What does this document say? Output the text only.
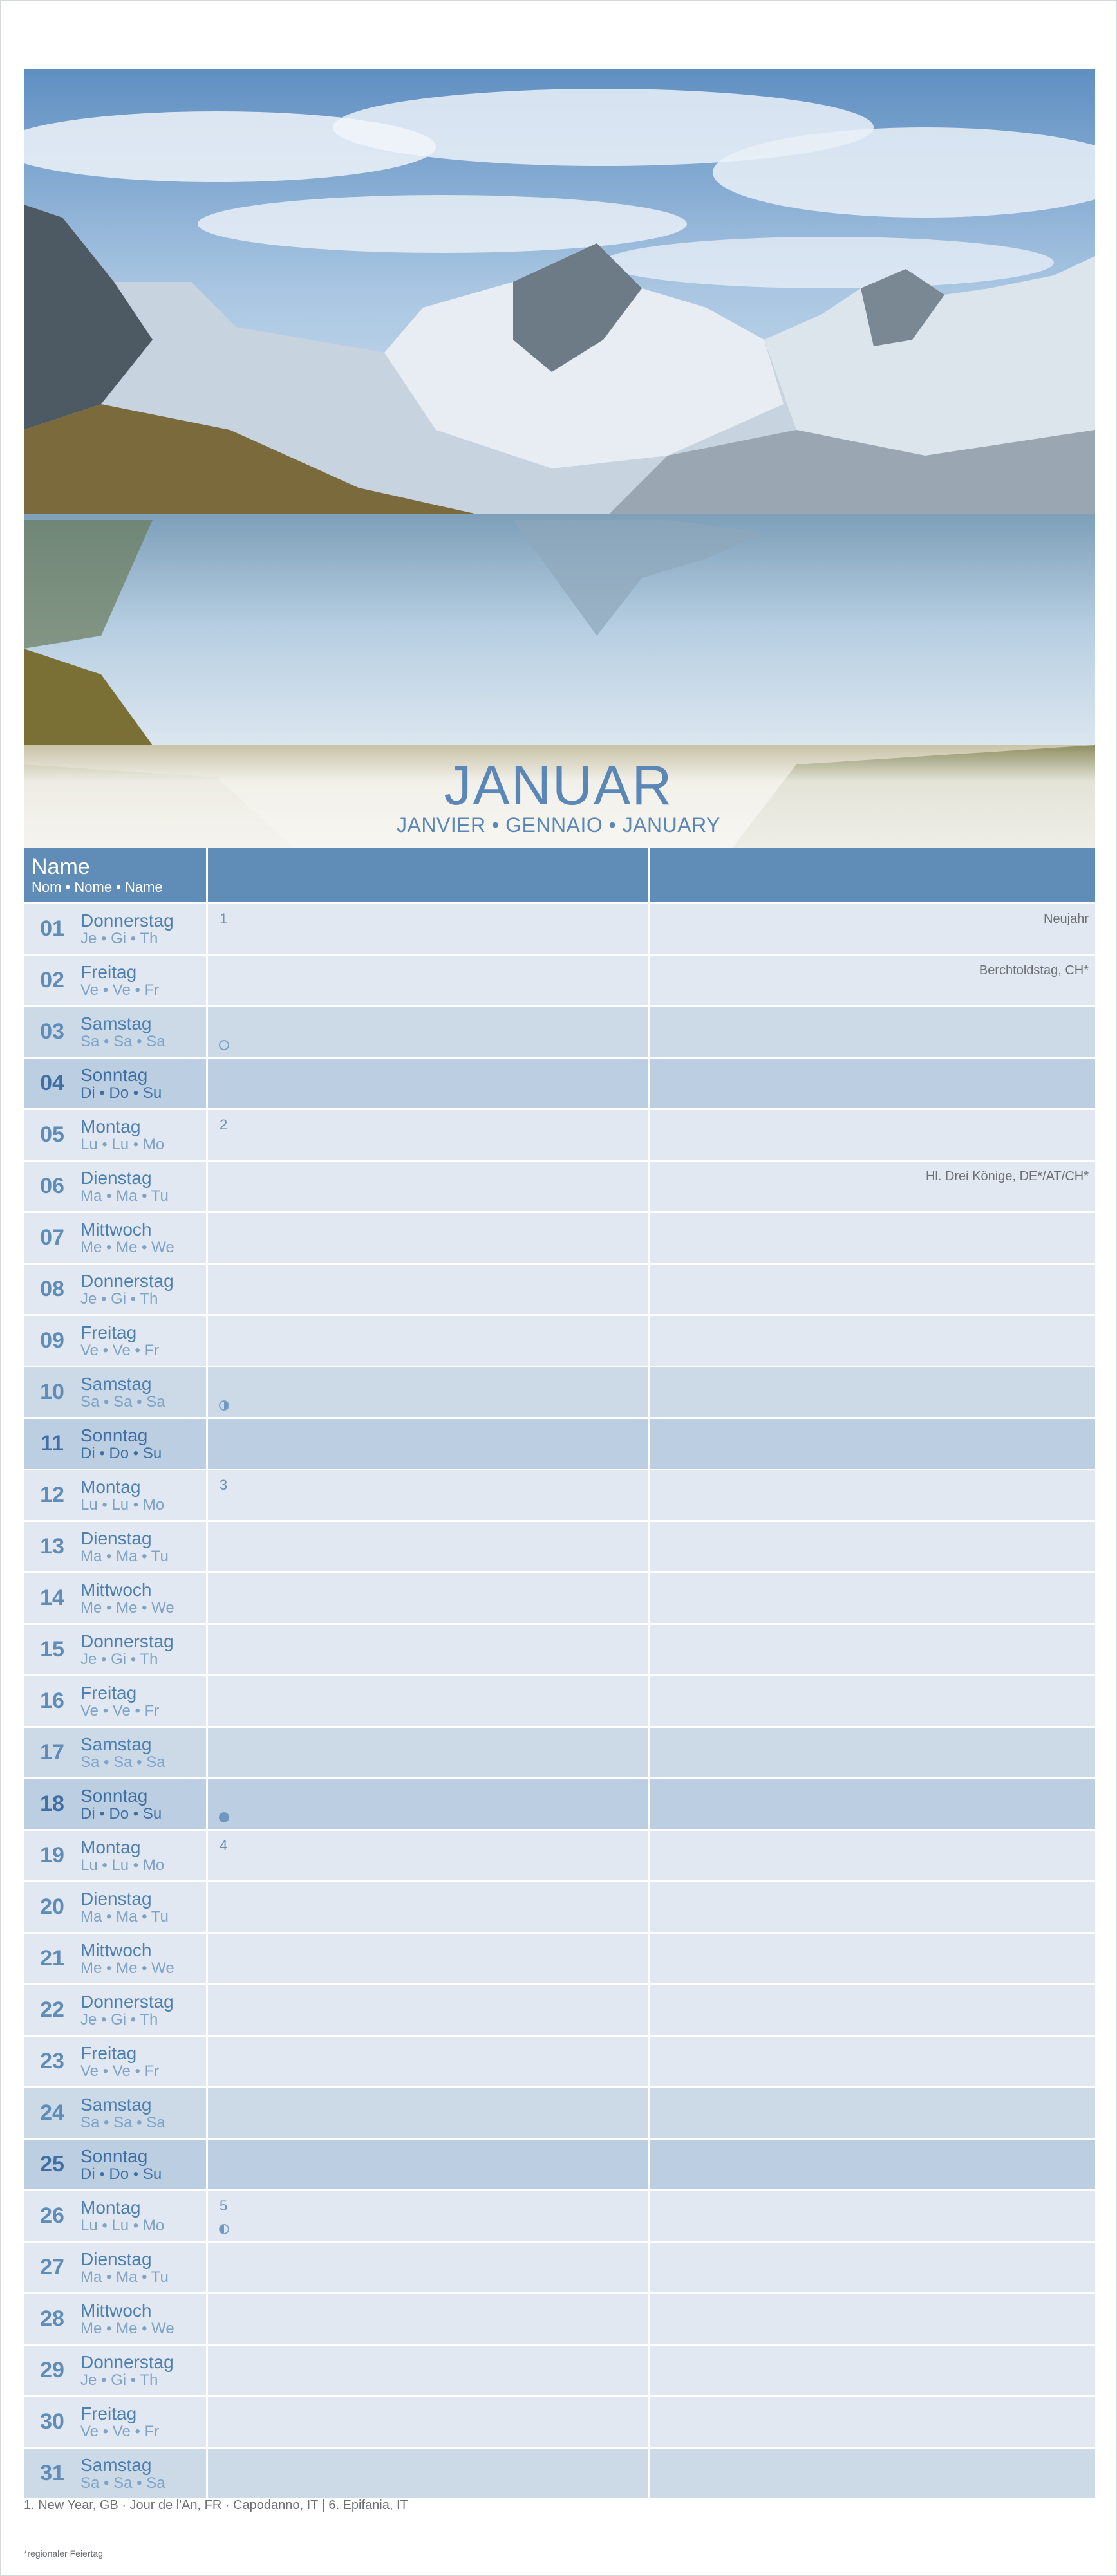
JANUAR
JANVIER • GENNAIO • JANUARY
Name
Nom • Nome • Name
01 Donnerstag
Je • Gi • Th
1	Neujahr
02 Freitag
Ve • Ve • Fr
Berchtoldstag, CH*
03 Samstag
Sa • Sa • Sa
04 Sonntag
Di • Do • Su
05 Montag
Lu • Lu • Mo
2
06 Dienstag
Ma • Ma • Tu
Hl. Drei Könige, DE*/AT/CH*
07 Mittwoch
Me • Me • We
08 Donnerstag
Je • Gi • Th
09 Freitag
Ve • Ve • Fr
10 Samstag
Sa • Sa • Sa
11 Sonntag
Di • Do • Su
12 Montag
Lu • Lu • Mo
3
13 Dienstag
Ma • Ma • Tu
14 Mittwoch
Me • Me • We
15 Donnerstag
Je • Gi • Th
16 Freitag
Ve • Ve • Fr
17 Samstag
Sa • Sa • Sa
18 Sonntag
Di • Do • Su
19 Montag
Lu • Lu • Mo
4
20 Dienstag
Ma • Ma • Tu
21 Mittwoch
Me • Me • We
22 Donnerstag
Je • Gi • Th
23 Freitag
Ve • Ve • Fr
24 Samstag
Sa • Sa • Sa
25 Sonntag
Di • Do • Su
26 Montag
Lu • Lu • Mo
5
27 Dienstag
Ma • Ma • Tu
28 Mittwoch
Me • Me • We
29 Donnerstag
Je • Gi • Th
30 Freitag
Ve • Ve • Fr
31 Samstag
Sa • Sa • Sa
1. New Year, GB · Jour de l'An, FR · Capodanno, IT | 6. Epifania, IT
*regionaler Feiertag
